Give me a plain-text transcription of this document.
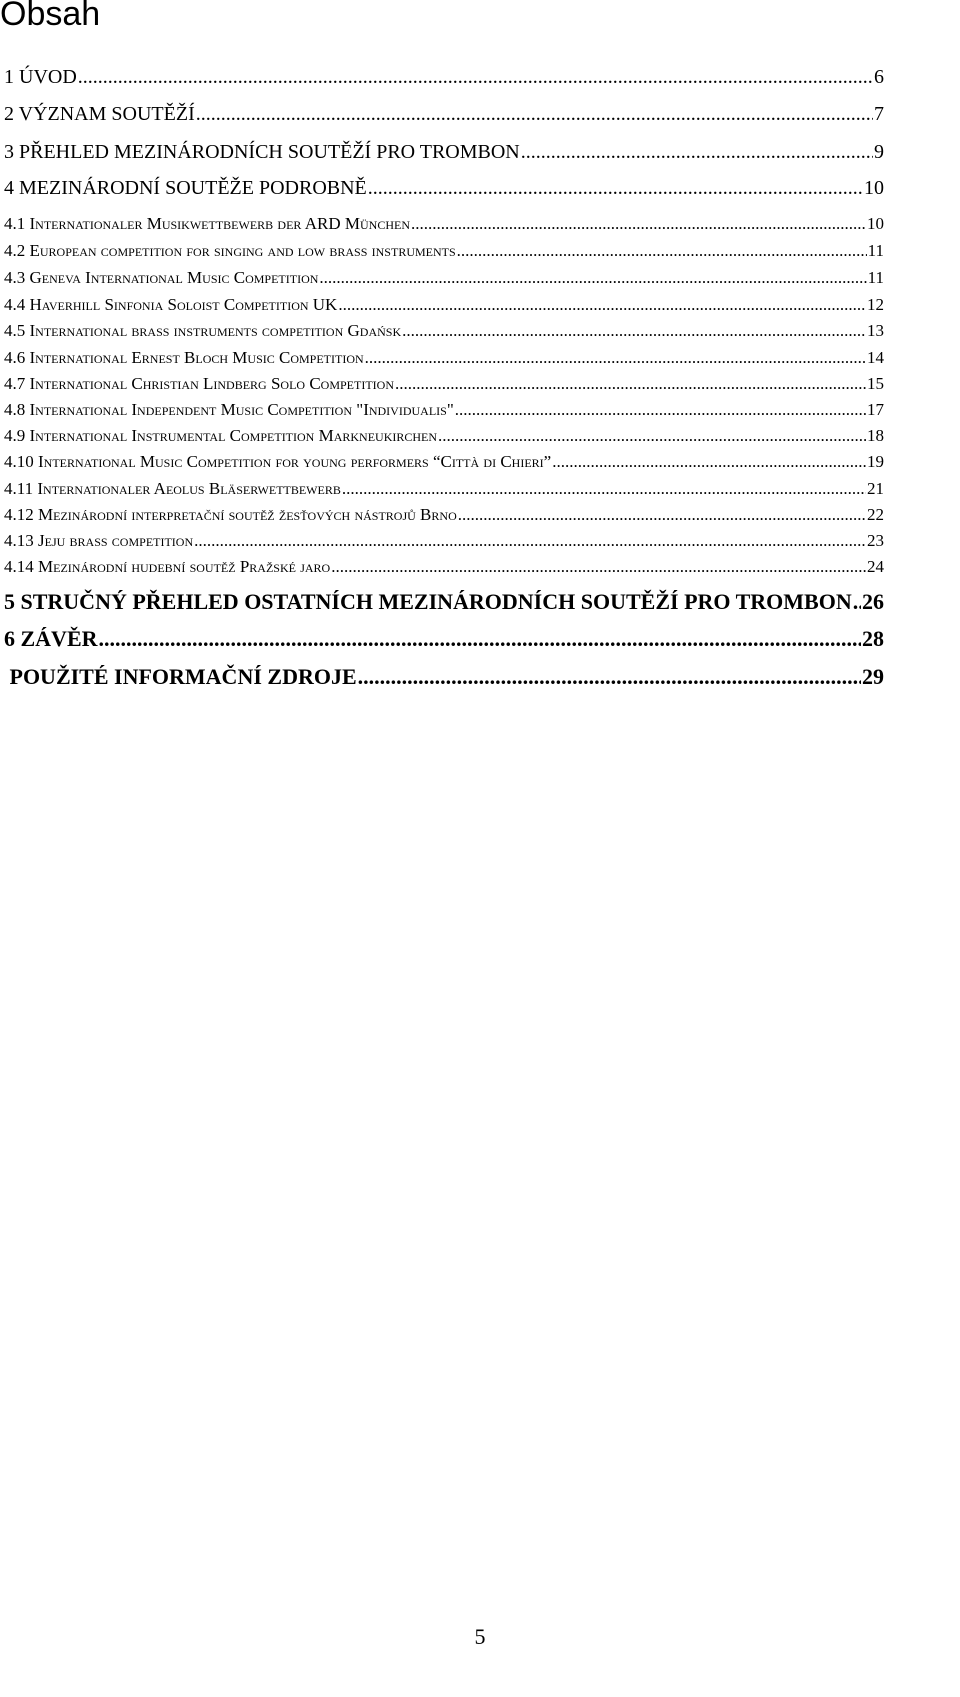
Obsah
1 ÚVOD .....	6
2 VÝZNAM SOUTĚŽÍ .....	7
3 PŘEHLED MEZINÁRODNÍCH SOUTĚŽÍ PRO TROMBON .....	9
4 MEZINÁRODNÍ SOUTĚŽE PODROBNĚ .....	10
4.1 Internationaler Musikwettbewerb der ARD München .....	10
4.2 European competition for singing and low brass instruments .....	11
4.3 Geneva International Music Competition .....	11
4.4 Haverhill Sinfonia Soloist Competition UK .....	12
4.5 International brass instruments competition Gdańsk .....	13
4.6 International Ernest Bloch Music Competition .....	14
4.7 International Christian Lindberg Solo Competition .....	15
4.8 International Independent Music Competition "Individualis" .....	17
4.9 International Instrumental Competition Markneukirchen .....	18
4.10 International Music Competition for young performers “Città di Chieri” .....	19
4.11 Internationaler Aeolus Bläserwettbewerb .....	21
4.12 Mezinárodní interpretační soutěž žesťových nástrojů Brno .....	22
4.13 Jeju brass competition .....	23
4.14 Mezinárodní hudební soutěž Pražské jaro .....	24
5 STRUČNÝ PŘEHLED OSTATNÍCH MEZINÁRODNÍCH SOUTĚŽÍ PRO TROMBON ..... 26
6 ZÁVĚR .....	28
POUŽITÉ INFORMAČNÍ ZDROJE .....	29
5
